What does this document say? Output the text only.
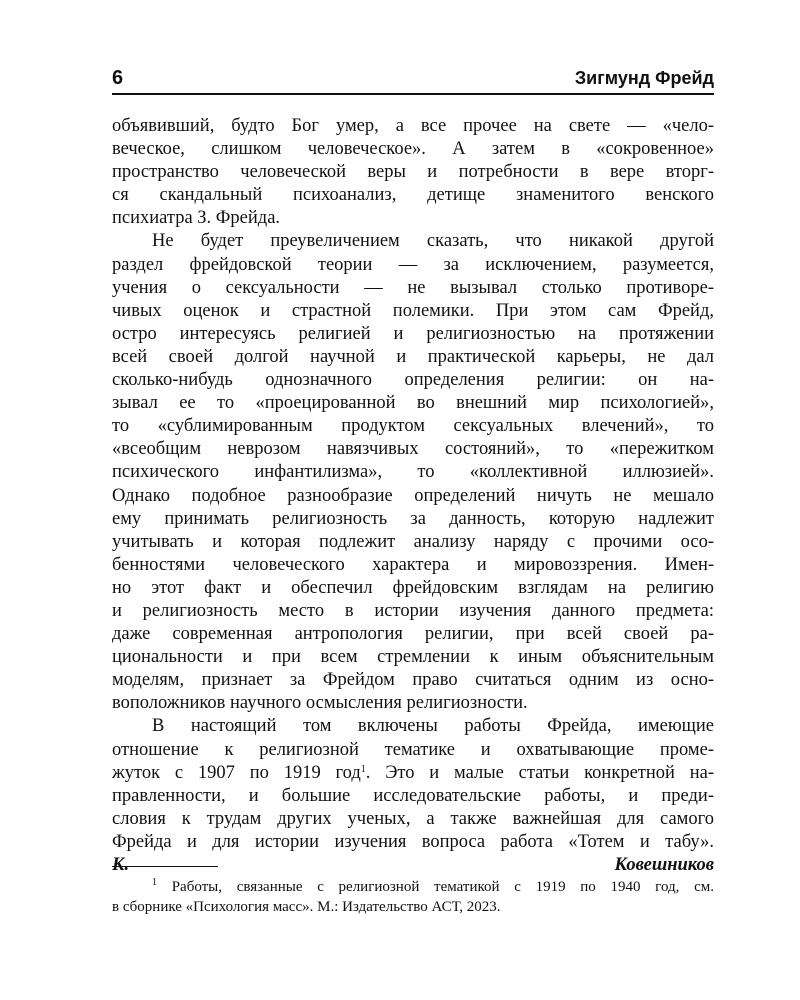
6	Зигмунд Фрейд

объявивший, будто Бог умер, а все прочее на свете — «чело-

веческое, слишком человеческое». А затем в «сокровенное»

пространство человеческой веры и потребности в вере вторг-

ся скандальный психоанализ, детище знаменитого венского

психиатра З. Фрейда.

Не будет преувеличением сказать, что никакой другой

раздел фрейдовской теории — за исключением, разумеется,

учения о сексуальности — не вызывал столько противоре-

чивых оценок и страстной полемики. При этом сам Фрейд,

остро интересуясь религией и религиозностью на протяжении

всей своей долгой научной и практической карьеры, не дал

сколько-нибудь однозначного определения религии: он на-

зывал ее то «проецированной во внешний мир психологией»,

то «сублимированным продуктом сексуальных влечений», то

«всеобщим неврозом навязчивых состояний», то «пережитком

психического инфантилизма», то «коллективной иллюзией».

Однако подобное разнообразие определений ничуть не мешало

ему принимать религиозность за данность, которую надлежит

учитывать и которая подлежит анализу наряду с прочими осо-

бенностями человеческого характера и мировоззрения. Имен-

но этот факт и обеспечил фрейдовским взглядам на религию

и религиозность место в истории изучения данного предмета:

даже современная антропология религии, при всей своей ра-

циональности и при всем стремлении к иным объяснительным

моделям, признает за Фрейдом право считаться одним из осно-

воположников научного осмысления религиозности.

В настоящий том включены работы Фрейда, имеющие

отношение к религиозной тематике и охватывающие проме-

жуток с 1907 по 1919 год$^1$. Это и малые статьи конкретной на-

правленности, и большие исследовательские работы, и преди-

словия к трудам других ученых, а также важнейшая для самого

Фрейда и для истории изучения вопроса работа «Тотем и табу».

К. Ковешников

$^1$ Работы, связанные с религиозной тематикой с 1919 по 1940 год, см.

в сборнике «Психология масс». М.: Издательство АСТ, 2023.
